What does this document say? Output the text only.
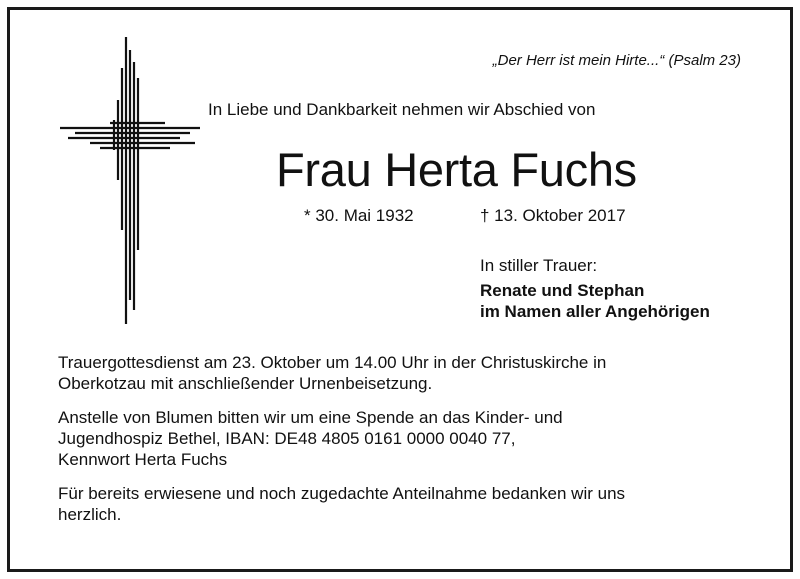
„Der Herr ist mein Hirte...“ (Psalm 23)
In Liebe und Dankbarkeit nehmen wir Abschied von
Frau Herta Fuchs
* 30. Mai 1932	† 13. Oktober 2017
In stiller Trauer:
Renate und Stephan
im Namen aller Angehörigen
Trauergottesdienst am 23. Oktober um 14.00 Uhr in der Christuskirche in
Oberkotzau mit anschließender Urnenbeisetzung.
Anstelle von Blumen bitten wir um eine Spende an das Kinder- und
Jugendhospiz Bethel, IBAN: DE48 4805 0161 0000 0040 77,
Kennwort Herta Fuchs
Für bereits erwiesene und noch zugedachte Anteilnahme bedanken wir uns
herzlich.
